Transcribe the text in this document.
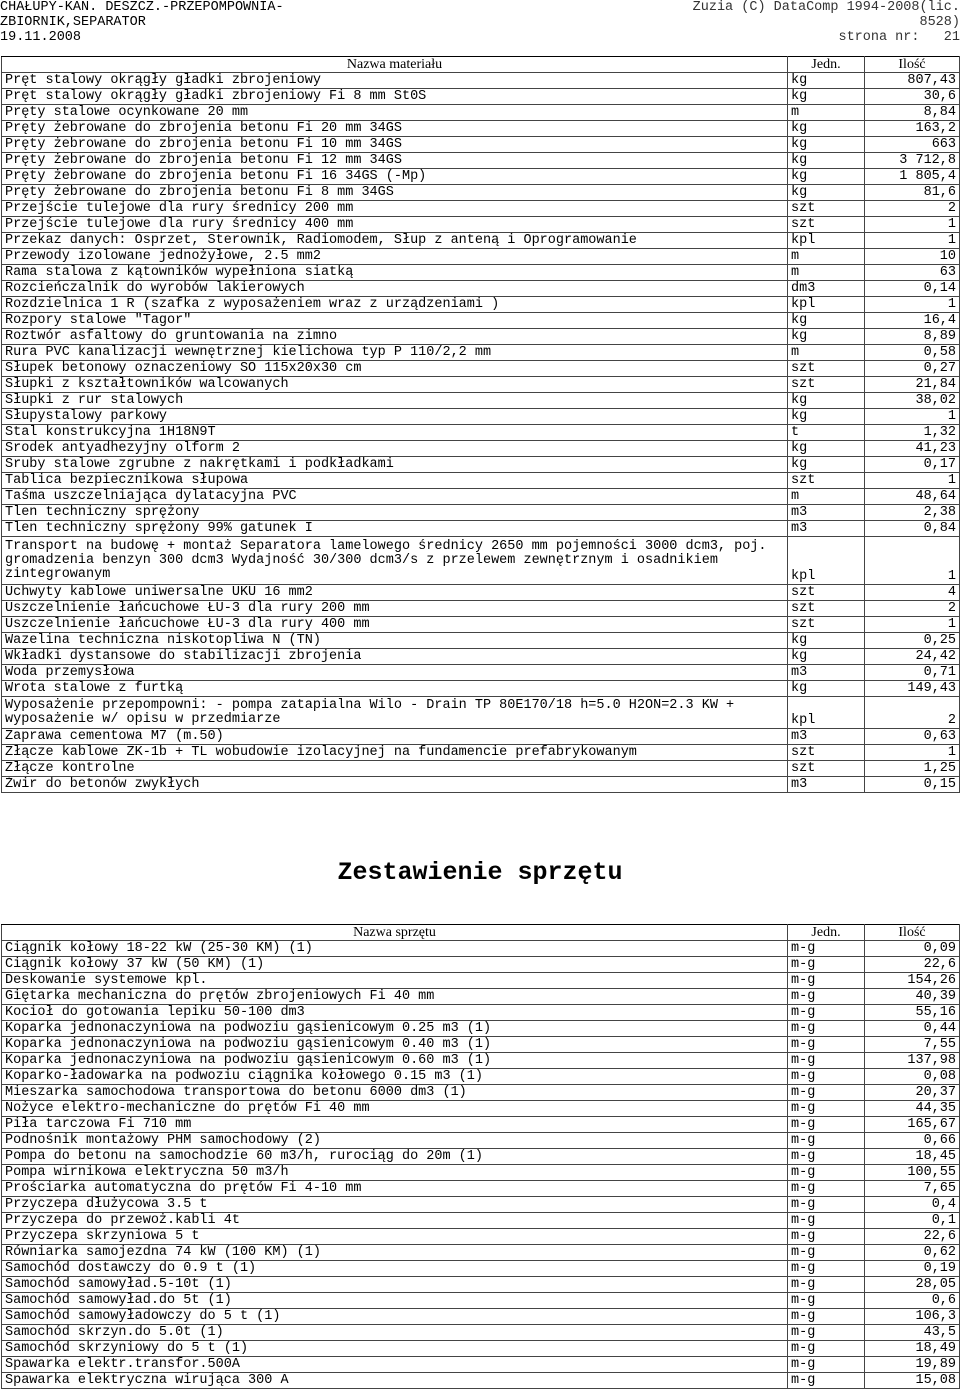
CHAŁUPY-KAN. DESZCZ.-PRZEPOMPOWNIA-	Zuzia (C) DataComp 1994-2008(lic.
ZBIORNIK,SEPARATOR	8528)
19.11.2008	strona nr:   21
Nazwa materiału	Jedn.	Ilość
Pręt stalowy okrągły gładki zbrojeniowy	kg	807,43
Pręt stalowy okrągły gładki zbrojeniowy Fi 8 mm St0S	kg	30,6
Pręty stalowe ocynkowane 20 mm	m	8,84
Pręty żebrowane do zbrojenia betonu Fi 20 mm 34GS	kg	163,2
Pręty żebrowane do zbrojenia betonu Fi 10 mm 34GS	kg	663
Pręty żebrowane do zbrojenia betonu Fi 12 mm 34GS	kg	3 712,8
Pręty żebrowane do zbrojenia betonu Fi 16 34GS (-Mp)	kg	1 805,4
Pręty żebrowane do zbrojenia betonu Fi 8 mm 34GS	kg	81,6
Przejście tulejowe dla rury średnicy 200 mm	szt	2
Przejście tulejowe dla rury średnicy 400 mm	szt	1
Przekaz danych: Osprzet, Sterownik, Radiomodem, Słup z anteną i Oprogramowanie	kpl	1
Przewody izolowane jednożyłowe, 2.5 mm2	m	10
Rama stalowa z kątowników wypełniona siatką	m	63
Rozcieńczalnik do wyrobów lakierowych	dm3	0,14
Rozdzielnica 1 R (szafka z wyposażeniem wraz z urządzeniami )	kpl	1
Rozpory stalowe "Tagor"	kg	16,4
Roztwór asfaltowy do gruntowania na zimno	kg	8,89
Rura PVC kanalizacji wewnętrznej kielichowa typ P 110/2,2 mm	m	0,58
Słupek betonowy oznaczeniowy SO 115x20x30 cm	szt	0,27
Słupki z kształtowników walcowanych	szt	21,84
Słupki z rur stalowych	kg	38,02
Słupystalowy parkowy	kg	1
Stal konstrukcyjna 1H18N9T	t	1,32
Środek antyadhezyjny olform 2	kg	41,23
Śruby stalowe zgrubne z nakrętkami i podkładkami	kg	0,17
Tablica bezpiecznikowa słupowa	szt	1
Taśma uszczelniająca dylatacyjna PVC	m	48,64
Tlen techniczny sprężony	m3	2,38
Tlen techniczny sprężony 99% gatunek I	m3	0,84
Transport na budowę + montaż Separatora lamelowego średnicy 2650 mm pojemności 3000 dcm3, poj. gromadzenia benzyn 300 dcm3 Wydajność 30/300 dcm3/s z przelewem zewnętrznym i osadnikiem zintegrowanym	kpl	1
Uchwyty kablowe uniwersalne UKU 16 mm2	szt	4
Uszczelnienie łańcuchowe ŁU-3 dla rury 200 mm	szt	2
Uszczelnienie łańcuchowe ŁU-3 dla rury 400 mm	szt	1
Wazelina techniczna niskotopliwa N (TN)	kg	0,25
Wkładki dystansowe do stabilizacji zbrojenia	kg	24,42
Woda przemysłowa	m3	0,71
Wrota stalowe z furtką	kg	149,43
Wyposażenie przepompowni: - pompa zatapialna Wilo - Drain TP 80E170/18 h=5.0 H2ON=2.3 KW + wyposażenie w/ opisu w przedmiarze	kpl	2
Zaprawa cementowa M7 (m.50)	m3	0,63
Złącze kablowe ZK-1b + TL wobudowie izolacyjnej na fundamencie prefabrykowanym	szt	1
Złącze kontrolne	szt	1,25
Żwir do betonów zwykłych	m3	0,15
Zestawienie sprzętu
Nazwa sprzętu	Jedn.	Ilość
Ciągnik kołowy 18-22 kW (25-30 KM) (1)	m-g	0,09
Ciągnik kołowy 37 kW (50 KM) (1)	m-g	22,6
Deskowanie systemowe kpl.	m-g	154,26
Giętarka mechaniczna do prętów zbrojeniowych Fi 40 mm	m-g	40,39
Kocioł do gotowania lepiku 50-100 dm3	m-g	55,16
Koparka jednonaczyniowa na podwoziu gąsienicowym 0.25 m3 (1)	m-g	0,44
Koparka jednonaczyniowa na podwoziu gąsienicowym 0.40 m3 (1)	m-g	7,55
Koparka jednonaczyniowa na podwoziu gąsienicowym 0.60 m3 (1)	m-g	137,98
Koparko-ładowarka na podwoziu ciągnika kołowego 0.15 m3 (1)	m-g	0,08
Mieszarka samochodowa transportowa do betonu 6000 dm3 (1)	m-g	20,37
Nożyce elektro-mechaniczne do prętów Fi 40 mm	m-g	44,35
Piła tarczowa Fi 710 mm	m-g	165,67
Podnośnik montażowy PHM samochodowy (2)	m-g	0,66
Pompa do betonu na samochodzie 60 m3/h, rurociąg do 20m (1)	m-g	18,45
Pompa wirnikowa elektryczna 50 m3/h	m-g	100,55
Prościarka automatyczna do prętów Fi 4-10 mm	m-g	7,65
Przyczepa dłużycowa 3.5 t	m-g	0,4
Przyczepa do przewoż.kabli 4t	m-g	0,1
Przyczepa skrzyniowa 5 t	m-g	22,6
Równiarka samojezdna 74 kW (100 KM) (1)	m-g	0,62
Samochód dostawczy do 0.9 t (1)	m-g	0,19
Samochód samowyład.5-10t (1)	m-g	28,05
Samochód samowyład.do 5t (1)	m-g	0,6
Samochód samowyładowczy do 5 t (1)	m-g	106,3
Samochód skrzyn.do 5.0t (1)	m-g	43,5
Samochód skrzyniowy do 5 t (1)	m-g	18,49
Spawarka elektr.transfor.500A	m-g	19,89
Spawarka elektryczna wirująca 300 A	m-g	15,08
